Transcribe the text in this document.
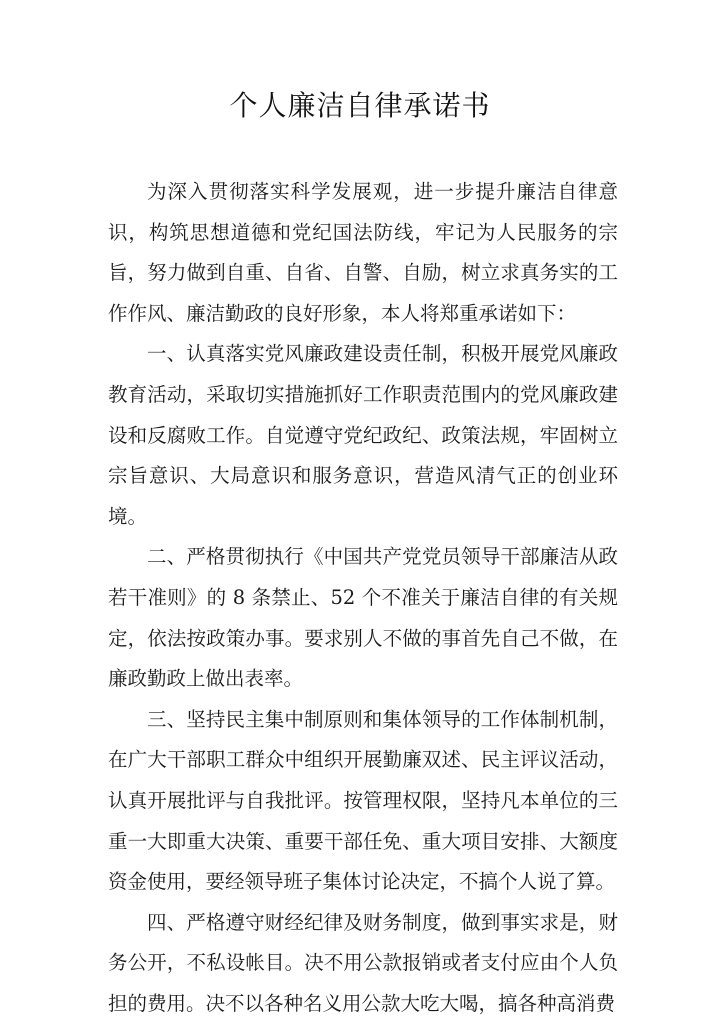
个人廉洁自律承诺书

为深入贯彻落实科学发展观，进一步提升廉洁自律意识，构筑思想道德和党纪国法防线，牢记为人民服务的宗旨，努力做到自重、自省、自警、自励，树立求真务实的工作作风、廉洁勤政的良好形象，本人将郑重承诺如下：

一、认真落实党风廉政建设责任制，积极开展党风廉政教育活动，采取切实措施抓好工作职责范围内的党风廉政建设和反腐败工作。自觉遵守党纪政纪、政策法规，牢固树立宗旨意识、大局意识和服务意识，营造风清气正的创业环境。

二、严格贯彻执行《中国共产党党员领导干部廉洁从政若干准则》的 8 条禁止、52 个不准关于廉洁自律的有关规定，依法按政策办事。要求别人不做的事首先自己不做，在廉政勤政上做出表率。

三、坚持民主集中制原则和集体领导的工作体制机制，在广大干部职工群众中组织开展勤廉双述、民主评议活动，认真开展批评与自我批评。按管理权限，坚持凡本单位的三重一大即重大决策、重要干部任免、重大项目安排、大额度资金使用，要经领导班子集体讨论决定，不搞个人说了算。

四、严格遵守财经纪律及财务制度，做到事实求是，财务公开，不私设帐目。决不用公款报销或者支付应由个人负担的费用。决不以各种名义用公款大吃大喝，搞各种高消费
